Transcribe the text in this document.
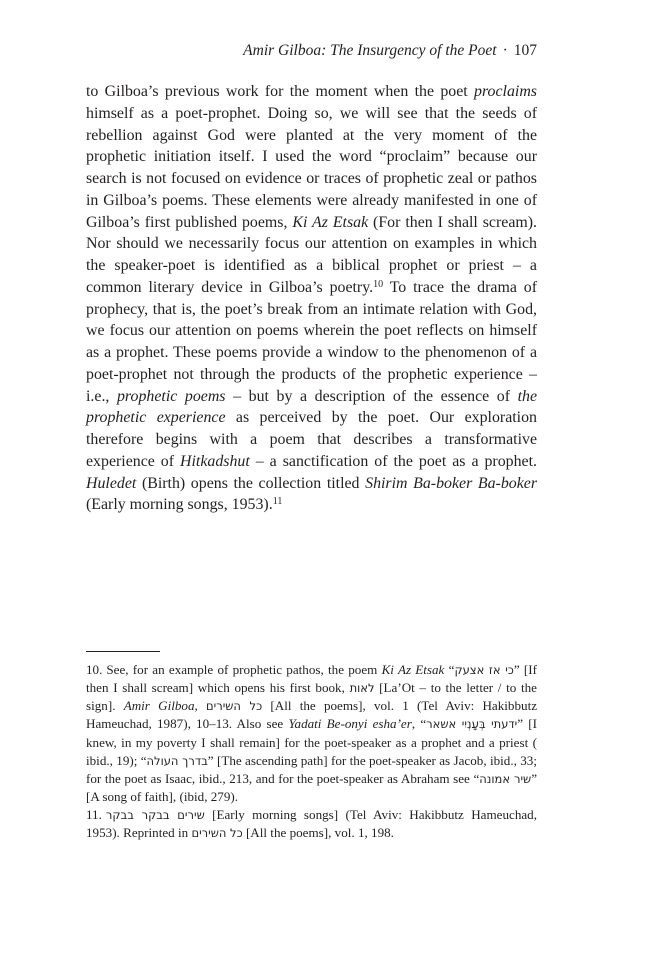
Amir Gilboa: The Insurgency of the Poet · 107

to Gilboa’s previous work for the moment when the poet proclaims himself as a poet-prophet. Doing so, we will see that the seeds of rebellion against God were planted at the very moment of the prophetic initiation itself. I used the word “proclaim” because our search is not focused on evidence or traces of prophetic zeal or pathos in Gilboa’s poems. These elements were already manifested in one of Gilboa’s first published poems, Ki Az Etsak (For then I shall scream). Nor should we necessarily focus our attention on examples in which the speaker-poet is identified as a biblical prophet or priest – a common literary device in Gilboa’s poetry.$^{10}$ To trace the drama of prophecy, that is, the poet’s break from an intimate relation with God, we focus our attention on poems wherein the poet reflects on himself as a prophet. These poems provide a window to the phenomenon of a poet-prophet not through the products of the prophetic experience – i.e., prophetic poems – but by a description of the essence of the prophetic experience as perceived by the poet. Our exploration therefore begins with a poem that describes a transformative experience of Hitkadshut – a sanctification of the poet as a prophet. Huledet (Birth) opens the collection titled Shirim Ba-boker Ba-boker (Early morning songs, 1953).$^{11}$

10. See, for an example of prophetic pathos, the poem Ki Az Etsak “כי אז אצעק” [If then I shall scream] which opens his first book, לאות [La’Ot – to the letter / to the sign]. Amir Gilboa, כל השירים [All the poems], vol. 1 (Tel Aviv: Hakibbutz Hameuchad, 1987), 10–13. Also see Yadati Be-onyi esha’er, “ידעתי בְּעָנְיִי אשאר” [I knew, in my poverty I shall remain] for the poet-speaker as a prophet and a priest ( ibid., 19); “בדרך העולה” [The ascending path] for the poet-speaker as Jacob, ibid., 33; for the poet as Isaac, ibid., 213, and for the poet-speaker as Abraham see “שיר אמונה” [A song of faith], (ibid, 279).

11. שירים בבקר בבקר [Early morning songs] (Tel Aviv: Hakibbutz Hameuchad, 1953). Reprinted in כל השירים [All the poems], vol. 1, 198.
